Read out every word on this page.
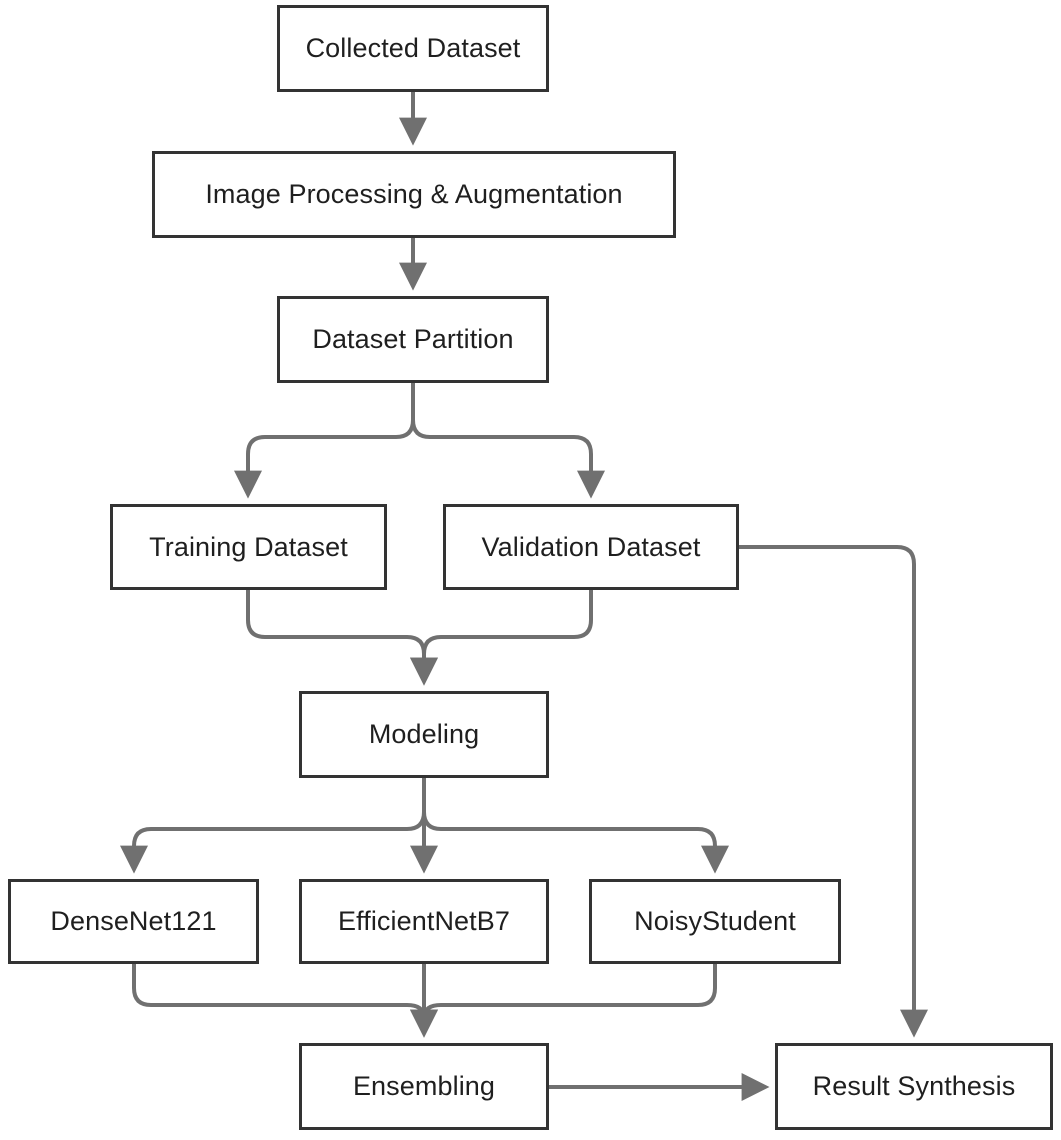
Collected Dataset
Image Processing & Augmentation
Dataset Partition
Training Dataset	Validation Dataset
Modeling
DenseNet121	EfficientNetB7	NoisyStudent
Ensembling	Result Synthesis
